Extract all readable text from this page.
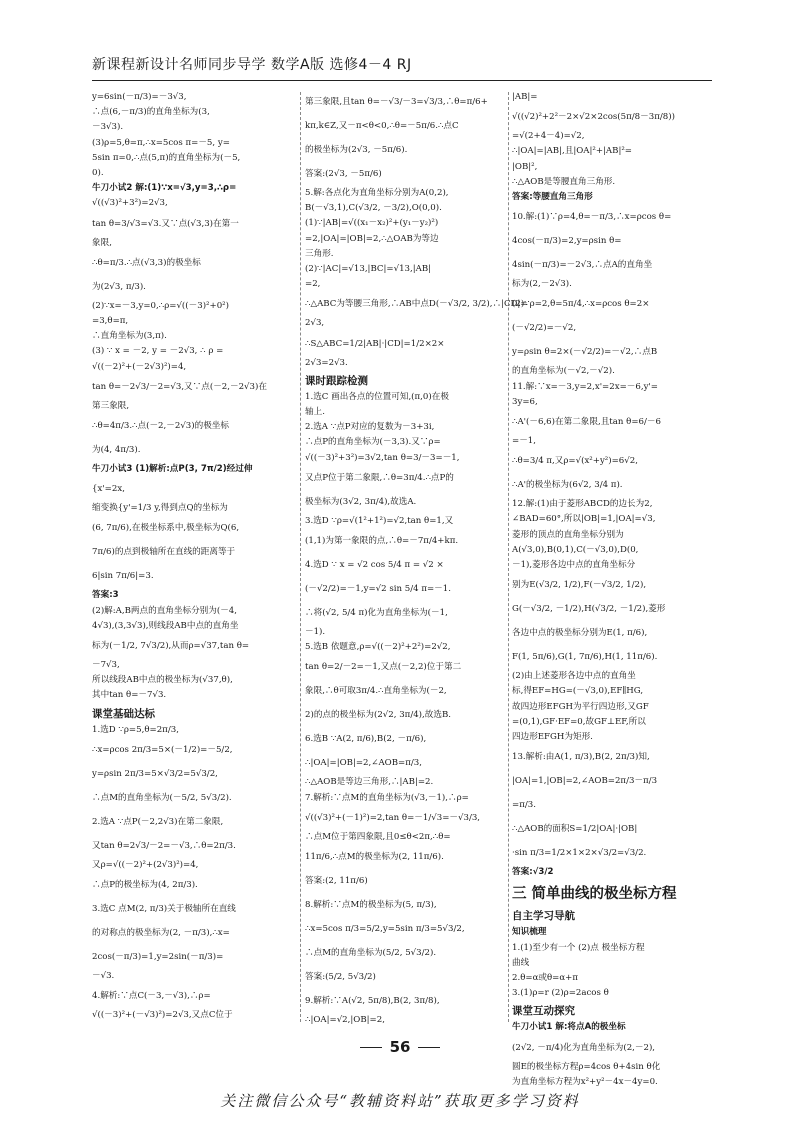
新课程新设计名师同步导学 数学A版 选修4－4 RJ
y=6sin(－π/3)=－3√3,
∴点(6,－π/3)的直角坐标为(3,
－3√3).
(3)ρ=5,θ=π,∴x=5cos π=－5, y=
5sin π=0,∴点(5,π)的直角坐标为(－5,
0).
牛刀小试2 解:(1)∵x=√3,y=3,∴ρ=
√((√3)²+3²)=2√3,
tan θ=3/√3=√3.又∵点(√3,3)在第一
象限,
∴θ=π/3.∴点(√3,3)的极坐标
为(2√3, π/3).
(2)∵x=－3,y=0,∴ρ=√((－3)²+0²)
=3,θ=π,
∴直角坐标为(3,π).
(3) ∵ x = －2, y = －2√3, ∴ ρ =
√((－2)²+(－2√3)²)=4,
tan θ=－2√3/－2=√3,又∵点(－2,－2√3)在
第三象限,
∴θ=4π/3.∴点(－2,－2√3)的极坐标
为(4, 4π/3).
牛刀小试3 (1)解析:点P(3, 7π/2)经过伸
{x'=2x,
缩变换{y'=1/3 y,得到点Q的坐标为
(6, 7π/6),在极坐标系中,极坐标为Q(6,
7π/6)的点到极轴所在直线的距离等于
6|sin 7π/6|=3.
答案:3
(2)解:A,B两点的直角坐标分别为(－4,
4√3),(3,3√3),则线段AB中点的直角坐
标为(－1/2, 7√3/2),从而ρ=√37,tan θ=
－7√3,
所以线段AB中点的极坐标为(√37,θ),
其中tan θ=－7√3.
课堂基础达标
1.选D ∵ρ=5,θ=2π/3,
∴x=ρcos 2π/3=5×(－1/2)=－5/2,
y=ρsin 2π/3=5×√3/2=5√3/2,
∴点M的直角坐标为(－5/2, 5√3/2).
2.选A ∵点P(－2,2√3)在第二象限,
又tan θ=2√3/－2=－√3,∴θ=2π/3.
又ρ=√((－2)²+(2√3)²)=4,
∴点P的极坐标为(4, 2π/3).
3.选C 点M(2, π/3)关于极轴所在直线
的对称点的极坐标为(2, －π/3),∴x=
2cos(－π/3)=1,y=2sin(－π/3)=
－√3.
4.解析:∵点C(－3,－√3),∴ρ=
√((－3)²+(－√3)²)=2√3,又点C位于
第三象限,且tan θ=－√3/－3=√3/3,∴θ=π/6+
kπ,k∈Z,又－π<θ<0,∴θ=－5π/6.∴点C
的极坐标为(2√3, －5π/6).
答案:(2√3, －5π/6)
5.解:各点化为直角坐标分别为A(0,2),
B(－√3,1),C(√3/2, －3/2),O(0,0).
(1)∵|AB|=√((x₁－x₂)²+(y₁－y₂)²)
=2,|OA|=|OB|=2,∴△OAB为等边
三角形.
(2)∵|AC|=√13,|BC|=√13,|AB|
=2,
∴△ABC为等腰三角形,∴AB中点D(－√3/2, 3/2),∴|CD|=
2√3,
∴S△ABC=1/2|AB|·|CD|=1/2×2×
2√3=2√3.
课时跟踪检测
1.选C 画出各点的位置可知,(π,0)在极
轴上.
2.选A ∵点P对应的复数为－3+3i,
∴点P的直角坐标为(－3,3).又∵ρ=
√((－3)²+3²)=3√2,tan θ=3/－3=－1,
又点P位于第二象限,∴θ=3π/4.∴点P的
极坐标为(3√2, 3π/4),故选A.
3.选D ∵ρ=√(1²+1²)=√2,tan θ=1,又
(1,1)为第一象限的点,∴θ=－7π/4+kπ.
4.选D ∵ x = √2 cos 5/4 π = √2 ×
(－√2/2)=－1,y=√2 sin 5/4 π=－1.
∴将(√2, 5/4 π)化为直角坐标为(－1,
－1).
5.选B 依题意,ρ=√((－2)²+2²)=2√2,
tan θ=2/－2=－1,又点(－2,2)位于第二
象限,∴θ可取3π/4.∴直角坐标为(－2,
2)的点的极坐标为(2√2, 3π/4),故选B.
6.选B ∵A(2, π/6),B(2, －π/6),
∴|OA|=|OB|=2,∠AOB=π/3,
∴△AOB是等边三角形,∴|AB|=2.
7.解析:∵点M的直角坐标为(√3,－1),∴ρ=
√((√3)²+(－1)²)=2,tan θ=－1/√3=－√3/3,
∴点M位于第四象限,且0≤θ<2π,∴θ=
11π/6,∴点M的极坐标为(2, 11π/6).
答案:(2, 11π/6)
8.解析:∵点M的极坐标为(5, π/3),
∴x=5cos π/3=5/2,y=5sin π/3=5√3/2,
∴点M的直角坐标为(5/2, 5√3/2).
答案:(5/2, 5√3/2)
9.解析:∵A(√2, 5π/8),B(2, 3π/8),
∴|OA|=√2,|OB|=2,
|AB|=
√((√2)²+2²－2×√2×2cos(5π/8－3π/8))
=√(2+4－4)=√2,
∴|OA|=|AB|,且|OA|²+|AB|²=
|OB|²,
∴△AOB是等腰直角三角形.
答案:等腰直角三角形
10.解:(1)∵ρ=4,θ=－π/3,∴x=ρcos θ=
4cos(－π/3)=2,y=ρsin θ=
4sin(－π/3)=－2√3,∴点A的直角坐
标为(2,－2√3).
(2)∵ρ=2,θ=5π/4,∴x=ρcos θ=2×
(－√2/2)=－√2,
y=ρsin θ=2×(－√2/2)=－√2,∴点B
的直角坐标为(－√2,－√2).
11.解:∵x=－3,y=2,x'=2x=－6,y'=
3y=6,
∴A'(－6,6)在第二象限,且tan θ=6/－6
=－1,
∴θ=3/4 π,又ρ=√(x²+y²)=6√2,
∴A'的极坐标为(6√2, 3/4 π).
12.解:(1)由于菱形ABCD的边长为2,
∠BAD=60°,所以|OB|=1,|OA|=√3,
菱形的顶点的直角坐标分别为
A(√3,0),B(0,1),C(－√3,0),D(0,
－1),菱形各边中点的直角坐标分
别为E(√3/2, 1/2),F(－√3/2, 1/2),
G(－√3/2, －1/2),H(√3/2, －1/2),菱形
各边中点的极坐标分别为E(1, π/6),
F(1, 5π/6),G(1, 7π/6),H(1, 11π/6).
(2)由上述菱形各边中点的直角坐
标,得EF=HG=(－√3,0),EF∥HG,
故四边形EFGH为平行四边形,又GF
=(0,1),GF·EF=0,故GF⊥EF,所以
四边形EFGH为矩形.
13.解析:由A(1, π/3),B(2, 2π/3)知,
|OA|=1,|OB|=2,∠AOB=2π/3－π/3
=π/3.
∴△AOB的面积S=1/2|OA|·|OB|
·sin π/3=1/2×1×2×√3/2=√3/2.
答案:√3/2
三 简单曲线的极坐标方程
自主学习导航
知识梳理
1.(1)至少有一个 (2)点 极坐标方程
曲线
2.θ=α或θ=α+π
3.(1)ρ=r (2)ρ=2acos θ
课堂互动探究
牛刀小试1 解:将点A的极坐标
(2√2, －π/4)化为直角坐标为(2,－2),
圆E的极坐标方程ρ=4cos θ+4sin θ化
为直角坐标方程为x²+y²－4x－4y=0.
56
关注微信公众号“教辅资料站”获取更多学习资料
